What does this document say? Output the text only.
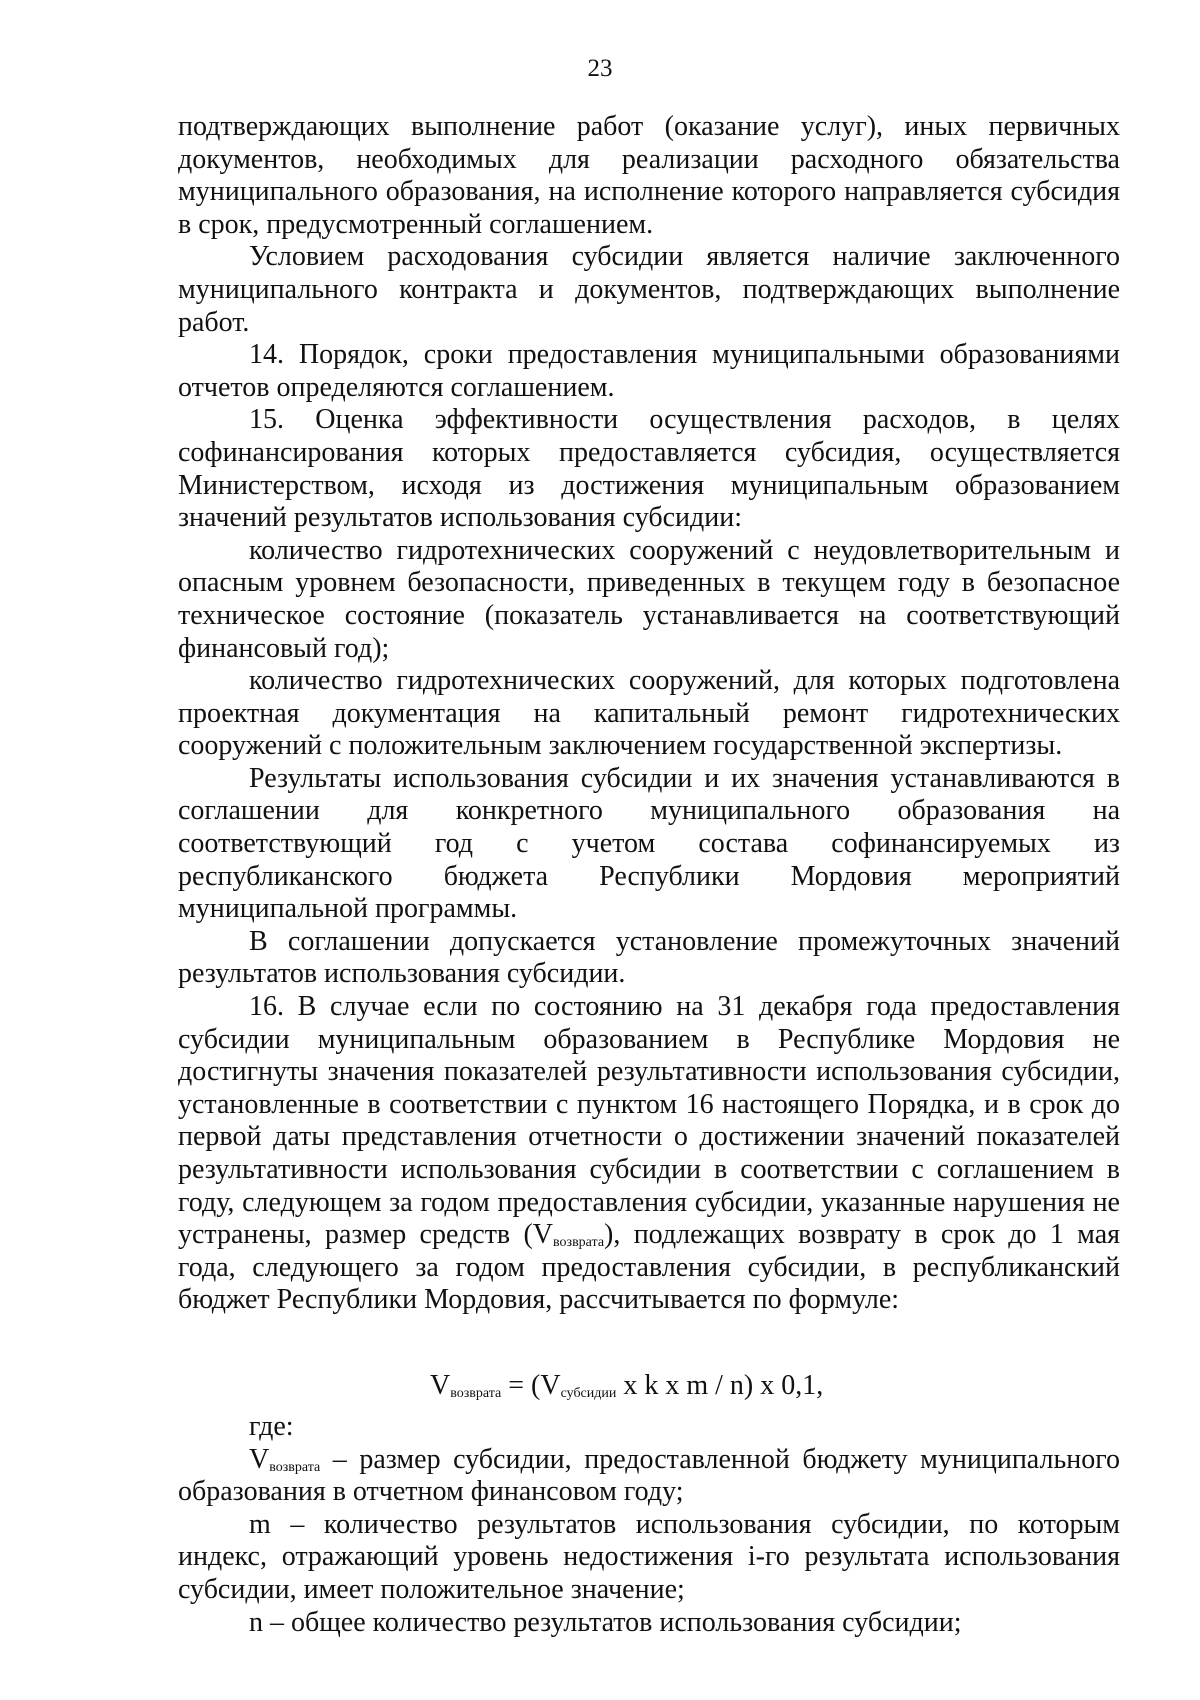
23

подтверждающих выполнение работ (оказание услуг), иных первичных документов, необходимых для реализации расходного обязательства муниципального образования, на исполнение которого направляется субсидия в срок, предусмотренный соглашением.

Условием расходования субсидии является наличие заключенного муниципального контракта и документов, подтверждающих выполнение работ.

14. Порядок, сроки предоставления муниципальными образованиями отчетов определяются соглашением.

15. Оценка эффективности осуществления расходов, в целях софинансирования которых предоставляется субсидия, осуществляется Министерством, исходя из достижения муниципальным образованием значений результатов использования субсидии:

количество гидротехнических сооружений с неудовлетворительным и опасным уровнем безопасности, приведенных в текущем году в безопасное техническое состояние (показатель устанавливается на соответствующий финансовый год);

количество гидротехнических сооружений, для которых подготовлена проектная документация на капитальный ремонт гидротехнических сооружений с положительным заключением государственной экспертизы.

Результаты использования субсидии и их значения устанавливаются в соглашении для конкретного муниципального образования на соответствующий год с учетом состава софинансируемых из республиканского бюджета Республики Мордовия мероприятий муниципальной программы.

В соглашении допускается установление промежуточных значений результатов использования субсидии.

16. В случае если по состоянию на 31 декабря года предоставления субсидии муниципальным образованием в Республике Мордовия не достигнуты значения показателей результативности использования субсидии, установленные в соответствии с пунктом 16 настоящего Порядка, и в срок до первой даты представления отчетности о достижении значений показателей результативности использования субсидии в соответствии с соглашением в году, следующем за годом предоставления субсидии, указанные нарушения не устранены, размер средств $(V_{возврата})$, подлежащих возврату в срок до 1 мая года, следующего за годом предоставления субсидии, в республиканский бюджет Республики Мордовия, рассчитывается по формуле:

$V_{возврата} = (V_{субсидии}$ x k x m / n) x 0,1,

где:

$V_{возврата}$ – размер субсидии, предоставленной бюджету муниципального образования в отчетном финансовом году;

m – количество результатов использования субсидии, по которым индекс, отражающий уровень недостижения i-го результата использования субсидии, имеет положительное значение;

n – общее количество результатов использования субсидии;
